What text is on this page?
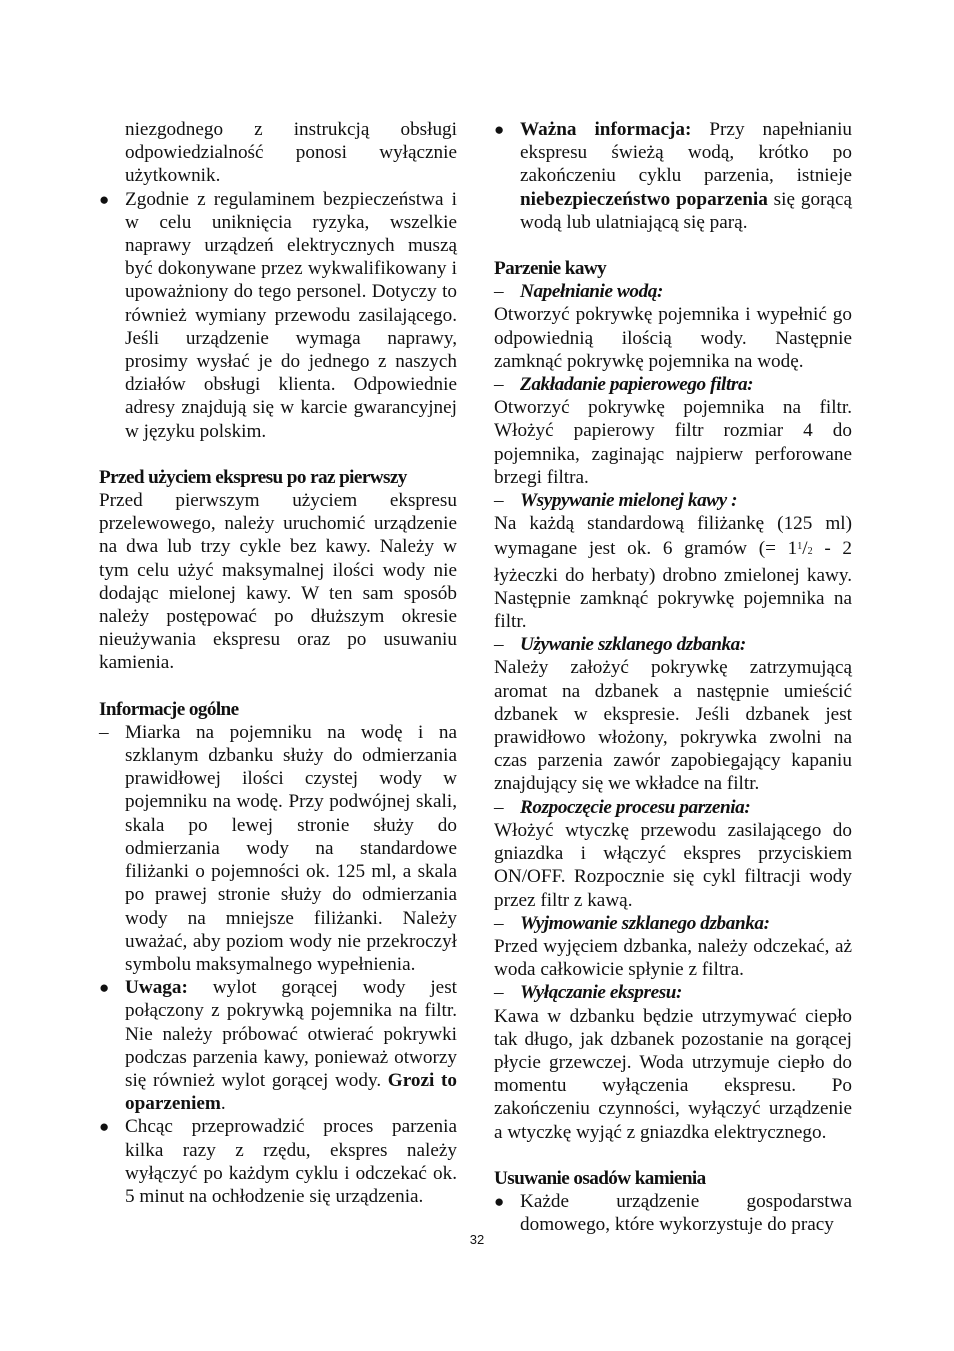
niezgodnego z instrukcją obsługi odpowiedzialność ponosi wyłącznie użytkownik.
● Zgodnie z regulaminem bezpieczeństwa i w celu uniknięcia ryzyka, wszelkie naprawy urządzeń elektrycznych muszą być dokonywane przez wykwalifikowany i upoważniony do tego personel. Dotyczy to również wymiany przewodu zasilającego. Jeśli urządzenie wymaga naprawy, prosimy wysłać je do jednego z naszych działów obsługi klienta. Odpowiednie adresy znajdują się w karcie gwarancyjnej w języku polskim.
Przed użyciem ekspresu po raz pierwszy
Przed pierwszym użyciem ekspresu przelewowego, należy uruchomić urządzenie na dwa lub trzy cykle bez kawy. Należy w tym celu użyć maksymalnej ilości wody nie dodając mielonej kawy. W ten sam sposób należy postępować po dłuższym okresie nieużywania ekspresu oraz po usuwaniu kamienia.
Informacje ogólne
– Miarka na pojemniku na wodę i na szklanym dzbanku służy do odmierzania prawidłowej ilości czystej wody w pojemniku na wodę. Przy podwójnej skali, skala po lewej stronie służy do odmierzania wody na standardowe filiżanki o pojemności ok. 125 ml, a skala po prawej stronie służy do odmierzania wody na mniejsze filiżanki. Należy uważać, aby poziom wody nie przekroczył symbolu maksymalnego wypełnienia.
● Uwaga: wylot gorącej wody jest połączony z pokrywką pojemnika na filtr. Nie należy próbować otwierać pokrywki podczas parzenia kawy, ponieważ otworzy się również wylot gorącej wody. Grozi to oparzeniem.
● Chcąc przeprowadzić proces parzenia kilka razy z rzędu, ekspres należy wyłączyć po każdym cyklu i odczekać ok. 5 minut na ochłodzenie się urządzenia.
● Ważna informacja: Przy napełnianiu ekspresu świeżą wodą, krótko po zakończeniu cyklu parzenia, istnieje niebezpieczeństwo poparzenia się gorącą wodą lub ulatniającą się parą.
Parzenie kawy
– Napełnianie wodą:
Otworzyć pokrywkę pojemnika i wypełnić go odpowiednią ilością wody. Następnie zamknąć pokrywkę pojemnika na wodę.
– Zakładanie papierowego filtra:
Otworzyć pokrywkę pojemnika na filtr. Włożyć papierowy filtr rozmiar 4 do pojemnika, zaginając najpierw perforowane brzegi filtra.
– Wsypywanie mielonej kawy :
Na każdą standardową filiżankę (125 ml) wymagane jest ok. 6 gramów (= $1^1/2 - 2$ łyżeczki do herbaty) drobno zmielonej kawy. Następnie zamknąć pokrywkę pojemnika na filtr.
– Używanie szklanego dzbanka:
Należy założyć pokrywkę zatrzymującą aromat na dzbanek a następnie umieścić dzbanek w ekspresie. Jeśli dzbanek jest prawidłowo włożony, pokrywka zwolni na czas parzenia zawór zapobiegający kapaniu znajdujący się we wkładce na filtr.
– Rozpoczęcie procesu parzenia:
Włożyć wtyczkę przewodu zasilającego do gniazdka i włączyć ekspres przyciskiem ON/OFF. Rozpocznie się cykl filtracji wody przez filtr z kawą.
– Wyjmowanie szklanego dzbanka:
Przed wyjęciem dzbanka, należy odczekać, aż woda całkowicie spłynie z filtra.
– Wyłączanie ekspresu:
Kawa w dzbanku będzie utrzymywać ciepło tak długo, jak dzbanek pozostanie na gorącej płycie grzewczej. Woda utrzymuje ciepło do momentu wyłączenia ekspresu. Po zakończeniu czynności, wyłączyć urządzenie a wtyczkę wyjąć z gniazdka elektrycznego.
Usuwanie osadów kamienia
● Każde urządzenie gospodarstwa domowego, które wykorzystuje do pracy
32
